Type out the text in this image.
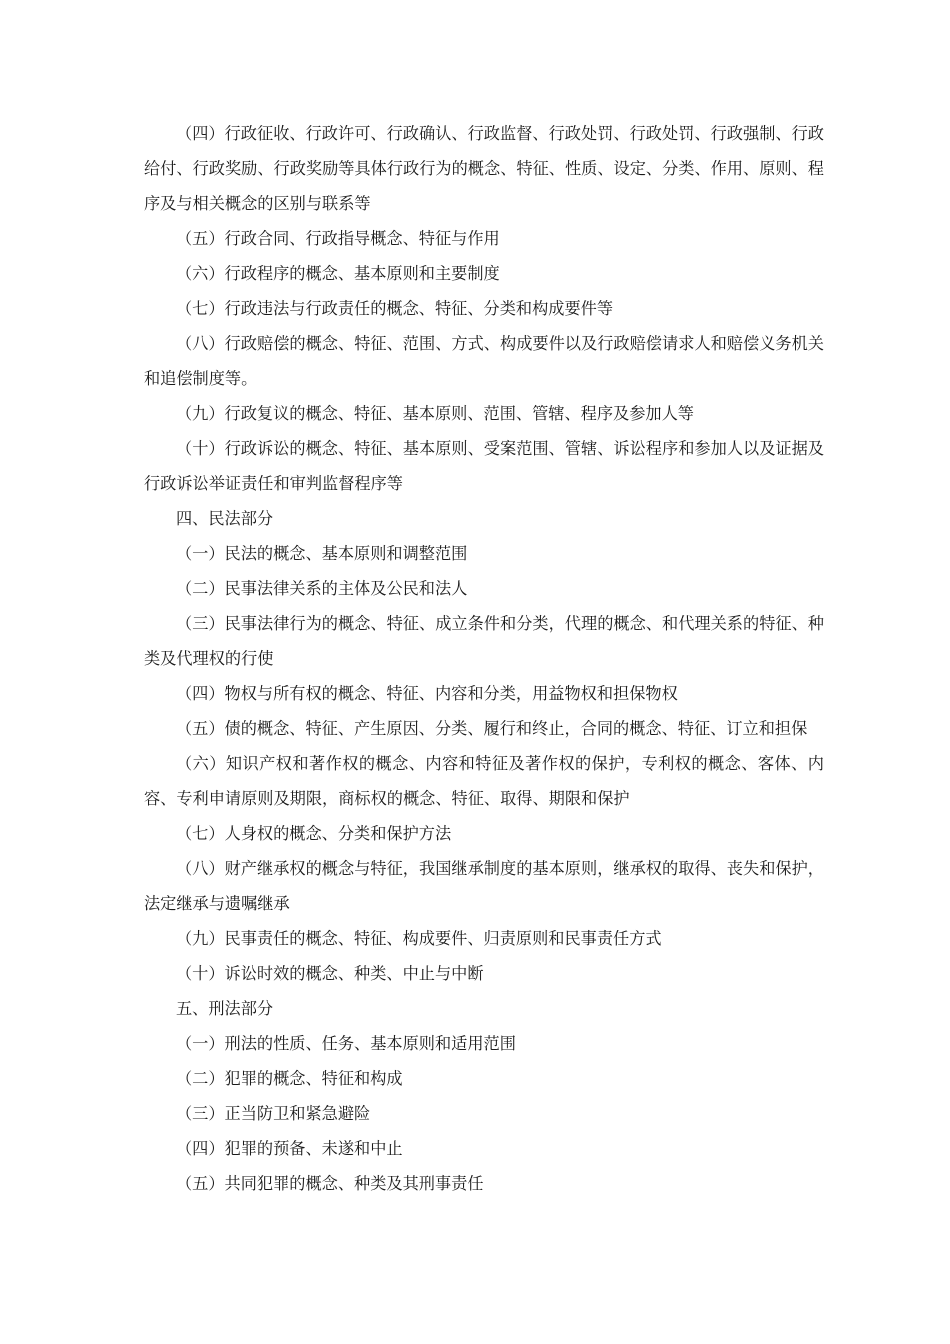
（四）行政征收、行政许可、行政确认、行政监督、行政处罚、行政处罚、行政强制、行政给付、行政奖励、行政奖励等具体行政行为的概念、特征、性质、设定、分类、作用、原则、程序及与相关概念的区别与联系等

（五）行政合同、行政指导概念、特征与作用

（六）行政程序的概念、基本原则和主要制度

（七）行政违法与行政责任的概念、特征、分类和构成要件等

（八）行政赔偿的概念、特征、范围、方式、构成要件以及行政赔偿请求人和赔偿义务机关和追偿制度等。

（九）行政复议的概念、特征、基本原则、范围、管辖、程序及参加人等

（十）行政诉讼的概念、特征、基本原则、受案范围、管辖、诉讼程序和参加人以及证据及行政诉讼举证责任和审判监督程序等

四、民法部分

（一）民法的概念、基本原则和调整范围

（二）民事法律关系的主体及公民和法人

（三）民事法律行为的概念、特征、成立条件和分类，代理的概念、和代理关系的特征、种类及代理权的行使

（四）物权与所有权的概念、特征、内容和分类，用益物权和担保物权

（五）债的概念、特征、产生原因、分类、履行和终止，合同的概念、特征、订立和担保

（六）知识产权和著作权的概念、内容和特征及著作权的保护，专利权的概念、客体、内容、专利申请原则及期限，商标权的概念、特征、取得、期限和保护

（七）人身权的概念、分类和保护方法

（八）财产继承权的概念与特征，我国继承制度的基本原则，继承权的取得、丧失和保护，法定继承与遗嘱继承

（九）民事责任的概念、特征、构成要件、归责原则和民事责任方式

（十）诉讼时效的概念、种类、中止与中断

五、刑法部分

（一）刑法的性质、任务、基本原则和适用范围

（二）犯罪的概念、特征和构成

（三）正当防卫和紧急避险

（四）犯罪的预备、未遂和中止

（五）共同犯罪的概念、种类及其刑事责任
